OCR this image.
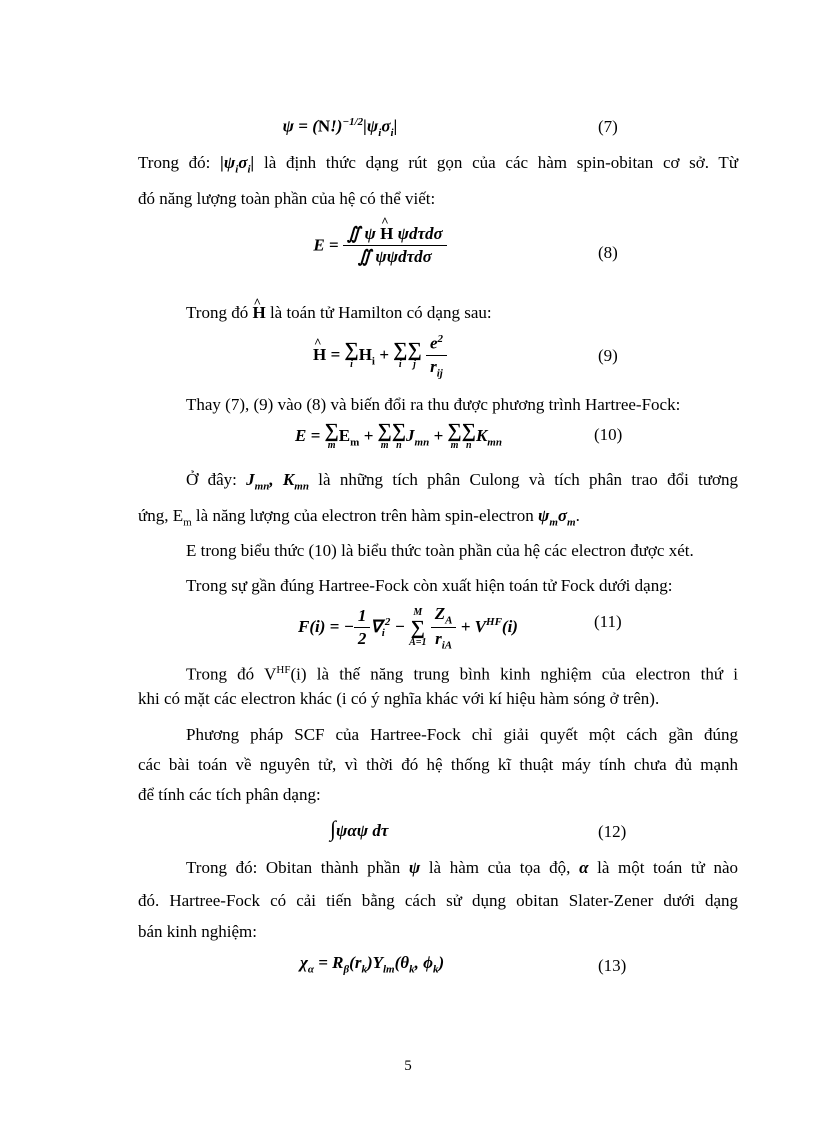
$\psi = (N!)^{-1/2}|\psi_i\sigma_i|$	(7)
Trong đó: $|\psi_i\sigma_i|$ là định thức dạng rút gọn của các hàm spin-obitan cơ sở. Từ
đó năng lượng toàn phần của hệ có thể viết:
$E = \frac{\text{∬ ψ \textasciicircum{} H ψdτdσ}}{\text{∬ ψψdτdσ}}$	(8)
Trong đó ^ H là toán tử Hamilton có dạng sau:
^ H = ∑
i
$H_i$ + ∑
i
∑
j
$\frac{e^2}{r_{ij}}$	(9)
Thay (7), (9) vào (8) và biến đổi ra thu được phương trình Hartree-Fock:
E = ∑
m
$E_m$ + ∑
m
∑
n
$J_{mn}$ + ∑
m
∑
n
$K_{mn}$	(10)
Ở đây: $J_{mn}$, $K_{mn}$ là những tích phân Culong và tích phân trao đổi tương
ứng, $E_m$ là năng lượng của electron trên hàm spin-electron $\psi_m\sigma_m$.
E trong biểu thức (10) là biểu thức toàn phần của hệ các electron được xét.
Trong sự gần đúng Hartree-Fock còn xuất hiện toán tử Fock dưới dạng:
F(i) = − $\frac{1}{2} \nabla_i^2$ −
M
∑
A=1
$\frac{Z_A}{r_{iA}} + V^{HF}(i)$	(11)
Trong đó $V^{HF}(i)$ là thế năng trung bình kinh nghiệm của electron thứ i
khi có mặt các electron khác (i có ý nghĩa khác với kí hiệu hàm sóng ở trên).
Phương pháp SCF của Hartree-Fock chỉ giải quyết một cách gần đúng
các bài toán về nguyên tử, vì thời đó hệ thống kĩ thuật máy tính chưa đủ mạnh
để tính các tích phân dạng:
∫ψαψ dτ	(12)
Trong đó: Obitan thành phần ψ là hàm của tọa độ, α là một toán tử nào
đó. Hartree-Fock có cải tiến bằng cách sử dụng obitan Slater-Zener dưới dạng
bán kinh nghiệm:
$\chi_\alpha = R_\beta(r_k)Y_{lm}(\theta_k$, $\phi_k$)	(13)
5
